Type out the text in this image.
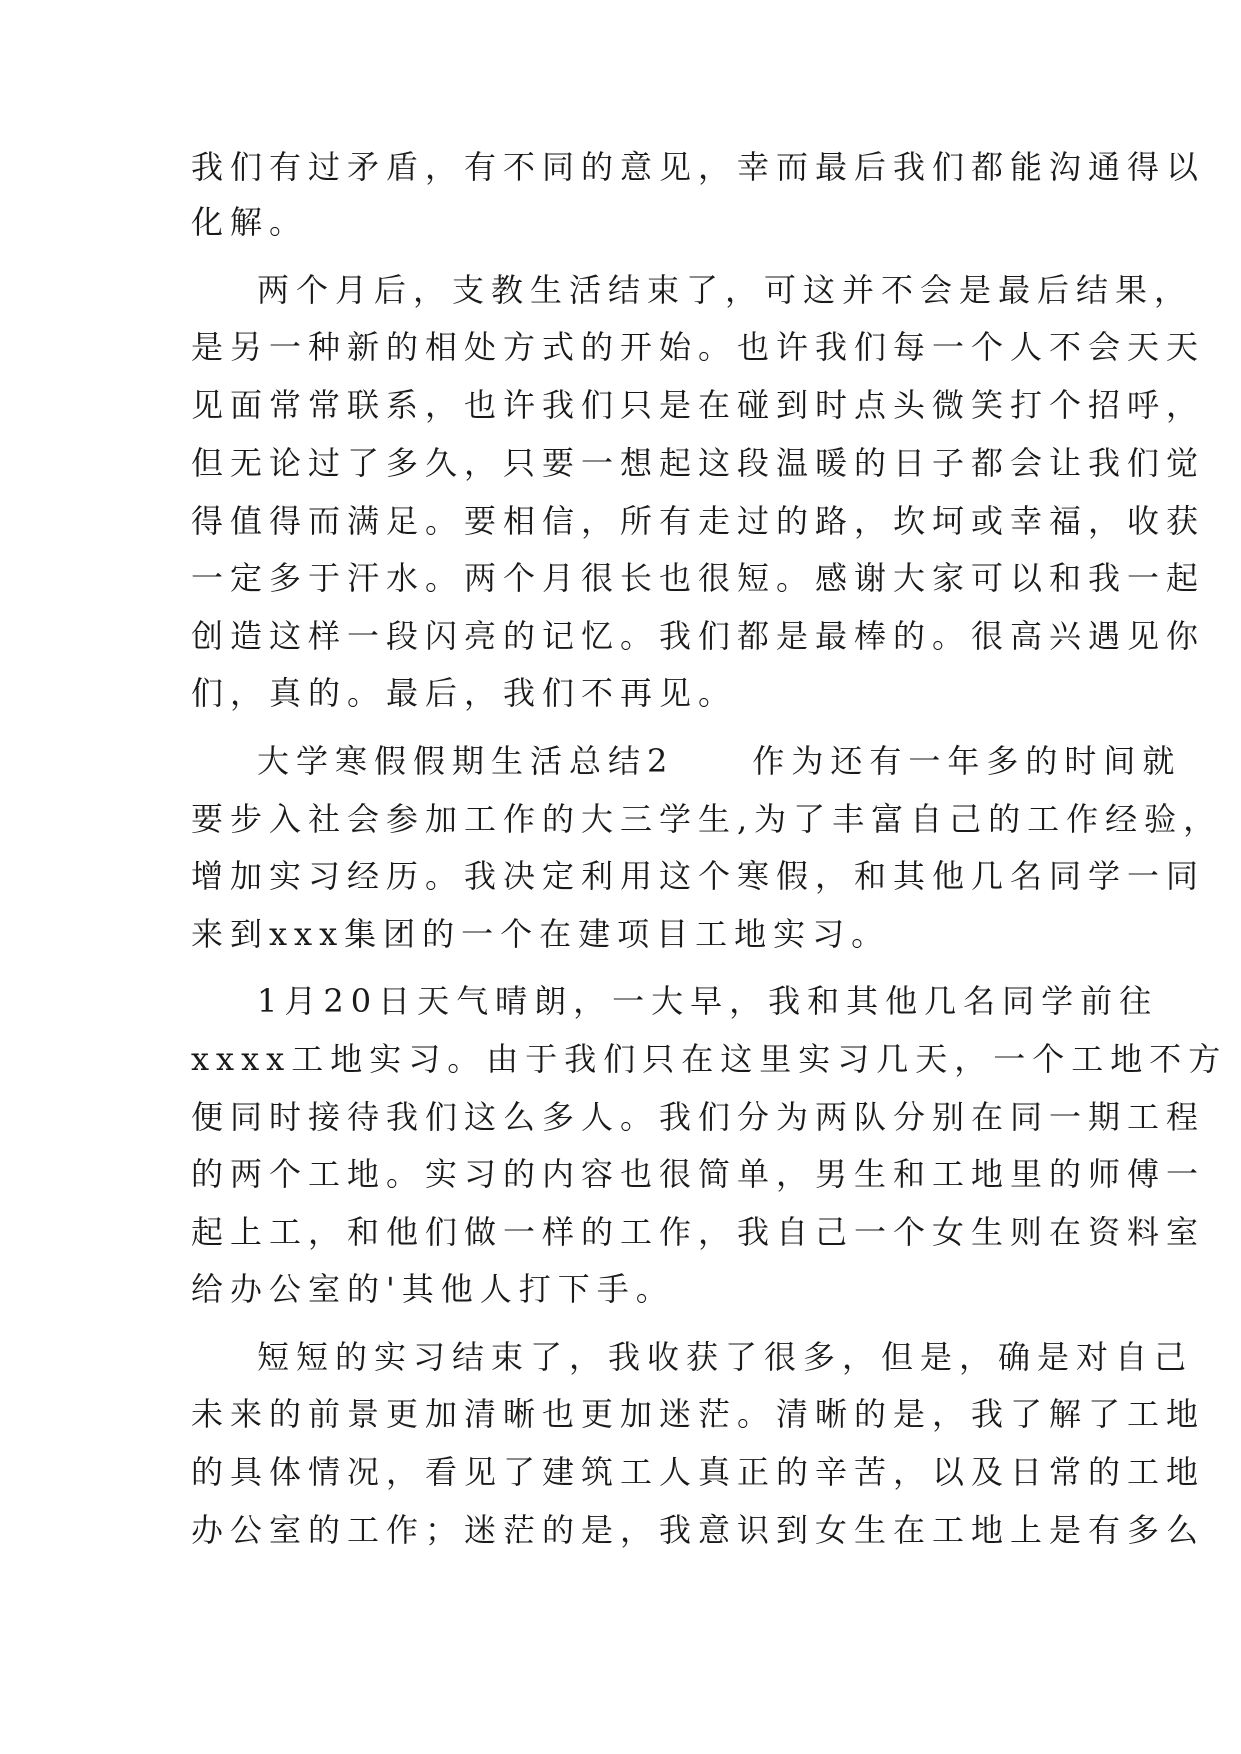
我们有过矛盾，有不同的意见，幸而最后我们都能沟通得以
化解。
两个月后，支教生活结束了，可这并不会是最后结果，
是另一种新的相处方式的开始。也许我们每一个人不会天天
见面常常联系，也许我们只是在碰到时点头微笑打个招呼，
但无论过了多久，只要一想起这段温暖的日子都会让我们觉
得值得而满足。要相信，所有走过的路，坎坷或幸福，收获
一定多于汗水。两个月很长也很短。感谢大家可以和我一起
创造这样一段闪亮的记忆。我们都是最棒的。很高兴遇见你
们，真的。最后，我们不再见。
大学寒假假期生活总结2　　作为还有一年多的时间就
要步入社会参加工作的大三学生,为了丰富自己的工作经验，
增加实习经历。我决定利用这个寒假，和其他几名同学一同
来到xxx集团的一个在建项目工地实习。
1月20日天气晴朗，一大早，我和其他几名同学前往
xxxx工地实习。由于我们只在这里实习几天，一个工地不方
便同时接待我们这么多人。我们分为两队分别在同一期工程
的两个工地。实习的内容也很简单，男生和工地里的师傅一
起上工，和他们做一样的工作，我自己一个女生则在资料室
给办公室的'其他人打下手。
短短的实习结束了，我收获了很多，但是，确是对自己
未来的前景更加清晰也更加迷茫。清晰的是，我了解了工地
的具体情况，看见了建筑工人真正的辛苦，以及日常的工地
办公室的工作；迷茫的是，我意识到女生在工地上是有多么
